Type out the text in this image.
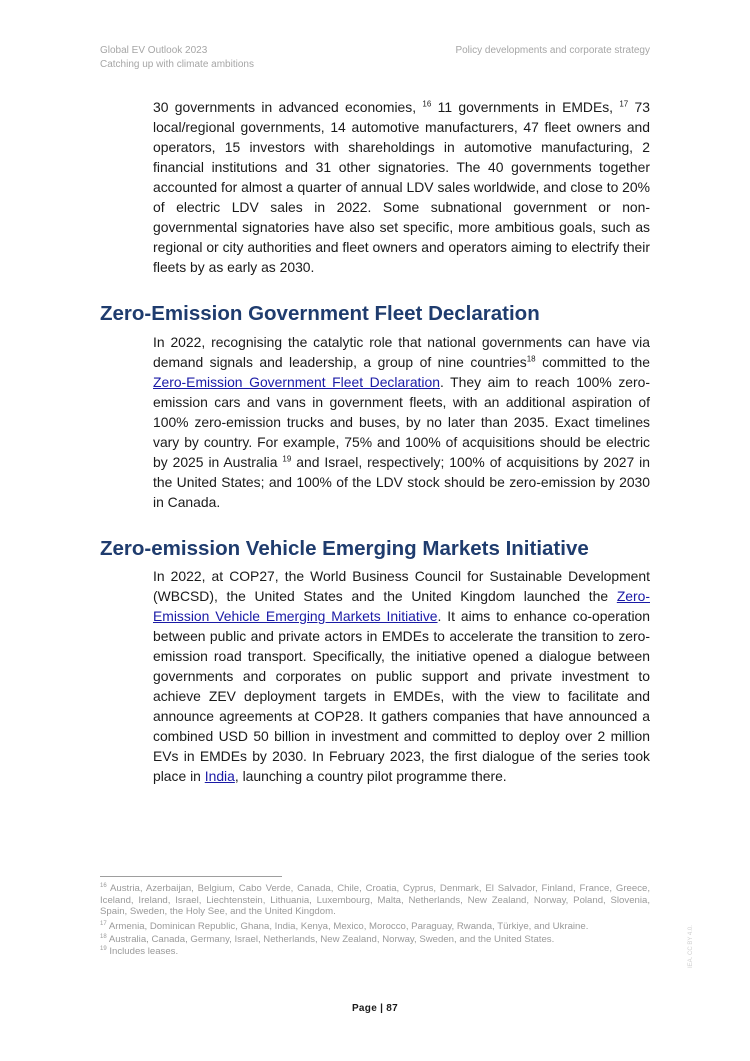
Global EV Outlook 2023
Catching up with climate ambitions
Policy developments and corporate strategy

30 governments in advanced economies, $^{16}$ 11 governments in EMDEs, $^{17}$ 73 local/regional governments, 14 automotive manufacturers, 47 fleet owners and operators, 15 investors with shareholdings in automotive manufacturing, 2 financial institutions and 31 other signatories. The 40 governments together accounted for almost a quarter of annual LDV sales worldwide, and close to 20% of electric LDV sales in 2022. Some subnational government or non-governmental signatories have also set specific, more ambitious goals, such as regional or city authorities and fleet owners and operators aiming to electrify their fleets by as early as 2030.

Zero-Emission Government Fleet Declaration

In 2022, recognising the catalytic role that national governments can have via demand signals and leadership, a group of nine countries$^{18}$ committed to the Zero-Emission Government Fleet Declaration. They aim to reach 100% zero-emission cars and vans in government fleets, with an additional aspiration of 100% zero-emission trucks and buses, by no later than 2035. Exact timelines vary by country. For example, 75% and 100% of acquisitions should be electric by 2025 in Australia $^{19}$ and Israel, respectively; 100% of acquisitions by 2027 in the United States; and 100% of the LDV stock should be zero-emission by 2030 in Canada.

Zero-emission Vehicle Emerging Markets Initiative

In 2022, at COP27, the World Business Council for Sustainable Development (WBCSD), the United States and the United Kingdom launched the Zero-Emission Vehicle Emerging Markets Initiative. It aims to enhance co-operation between public and private actors in EMDEs to accelerate the transition to zero-emission road transport. Specifically, the initiative opened a dialogue between governments and corporates on public support and private investment to achieve ZEV deployment targets in EMDEs, with the view to facilitate and announce agreements at COP28. It gathers companies that have announced a combined USD 50 billion in investment and committed to deploy over 2 million EVs in EMDEs by 2030. In February 2023, the first dialogue of the series took place in India, launching a country pilot programme there.

$^{16}$ Austria, Azerbaijan, Belgium, Cabo Verde, Canada, Chile, Croatia, Cyprus, Denmark, El Salvador, Finland, France, Greece, Iceland, Ireland, Israel, Liechtenstein, Lithuania, Luxembourg, Malta, Netherlands, New Zealand, Norway, Poland, Slovenia, Spain, Sweden, the Holy See, and the United Kingdom.

$^{17}$ Armenia, Dominican Republic, Ghana, India, Kenya, Mexico, Morocco, Paraguay, Rwanda, Türkiye, and Ukraine.

$^{18}$ Australia, Canada, Germany, Israel, Netherlands, New Zealand, Norway, Sweden, and the United States.

$^{19}$ Includes leases.

Page | 87
IEA. CC BY 4.0.
